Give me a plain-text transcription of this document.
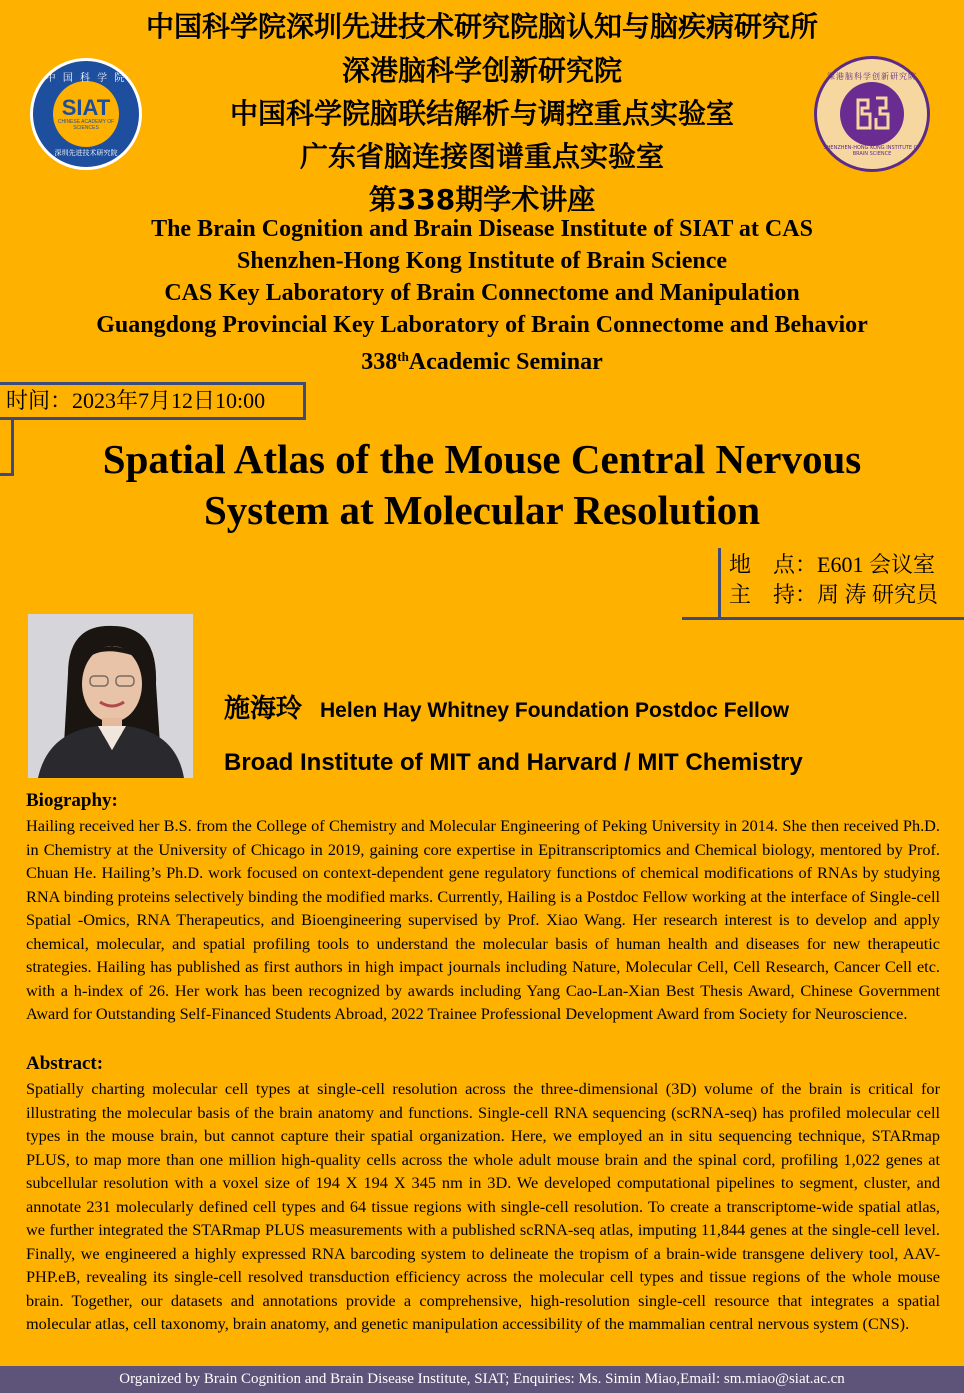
中 国 科 学 院
SIAT
CHINESE ACADEMY OF SCIENCES
深圳先进技术研究院
深港脑科学创新研究院
SHENZHEN-HONG KONG INSTITUTE OF BRAIN SCIENCE
中国科学院深圳先进技术研究院脑认知与脑疾病研究所
深港脑科学创新研究院
中国科学院脑联结解析与调控重点实验室
广东省脑连接图谱重点实验室
第338期学术讲座
The Brain Cognition and Brain Disease Institute of SIAT at CAS
Shenzhen-Hong Kong Institute of Brain Science
CAS Key Laboratory of Brain Connectome and Manipulation
Guangdong Provincial Key Laboratory of Brain Connectome and Behavior
338thAcademic Seminar
时间：2023年7月12日10:00
Spatial Atlas of the Mouse Central Nervous
System at Molecular Resolution
地　点：E601 会议室
主　持：周 涛 研究员
施海玲 Helen Hay Whitney Foundation Postdoc Fellow
Broad Institute of MIT and Harvard / MIT Chemistry
Biography:
Hailing received her B.S. from the College of Chemistry and Molecular Engineering of Peking University in 2014. She then received Ph.D. in Chemistry at the University of Chicago in 2019, gaining core expertise in Epitranscriptomics and Chemical biology, mentored by Prof. Chuan He. Hailing’s Ph.D. work focused on context-dependent gene regulatory functions of chemical modifications of RNAs by studying RNA binding proteins selectively binding the modified marks. Currently, Hailing is a Postdoc Fellow working at the interface of Single-cell Spatial -Omics, RNA Therapeutics, and Bioengineering supervised by Prof. Xiao Wang. Her research interest is to develop and apply chemical, molecular, and spatial profiling tools to understand the molecular basis of human health and diseases for new therapeutic strategies. Hailing has published as first authors in high impact journals including Nature, Molecular Cell, Cell Research, Cancer Cell etc. with a h-index of 26. Her work has been recognized by awards including Yang Cao-Lan-Xian Best Thesis Award, Chinese Government Award for Outstanding Self-Financed Students Abroad, 2022 Trainee Professional Development Award from Society for Neuroscience.
Abstract:
Spatially charting molecular cell types at single-cell resolution across the three-dimensional (3D) volume of the brain is critical for illustrating the molecular basis of the brain anatomy and functions. Single-cell RNA sequencing (scRNA-seq) has profiled molecular cell types in the mouse brain, but cannot capture their spatial organization. Here, we employed an in situ sequencing technique, STARmap PLUS, to map more than one million high-quality cells across the whole adult mouse brain and the spinal cord, profiling 1,022 genes at subcellular resolution with a voxel size of 194 X 194 X 345 nm in 3D. We developed computational pipelines to segment, cluster, and annotate 231 molecularly defined cell types and 64 tissue regions with single-cell resolution. To create a transcriptome-wide spatial atlas, we further integrated the STARmap PLUS measurements with a published scRNA-seq atlas, imputing 11,844 genes at the single-cell level. Finally, we engineered a highly expressed RNA barcoding system to delineate the tropism of a brain-wide transgene delivery tool, AAV-PHP.eB, revealing its single-cell resolved transduction efficiency across the molecular cell types and tissue regions of the whole mouse brain. Together, our datasets and annotations provide a comprehensive, high-resolution single-cell resource that integrates a spatial molecular atlas, cell taxonomy, brain anatomy, and genetic manipulation accessibility of the mammalian central nervous system (CNS).
Organized by Brain Cognition and Brain Disease Institute, SIAT; Enquiries: Ms. Simin Miao,Email: sm.miao@siat.ac.cn
